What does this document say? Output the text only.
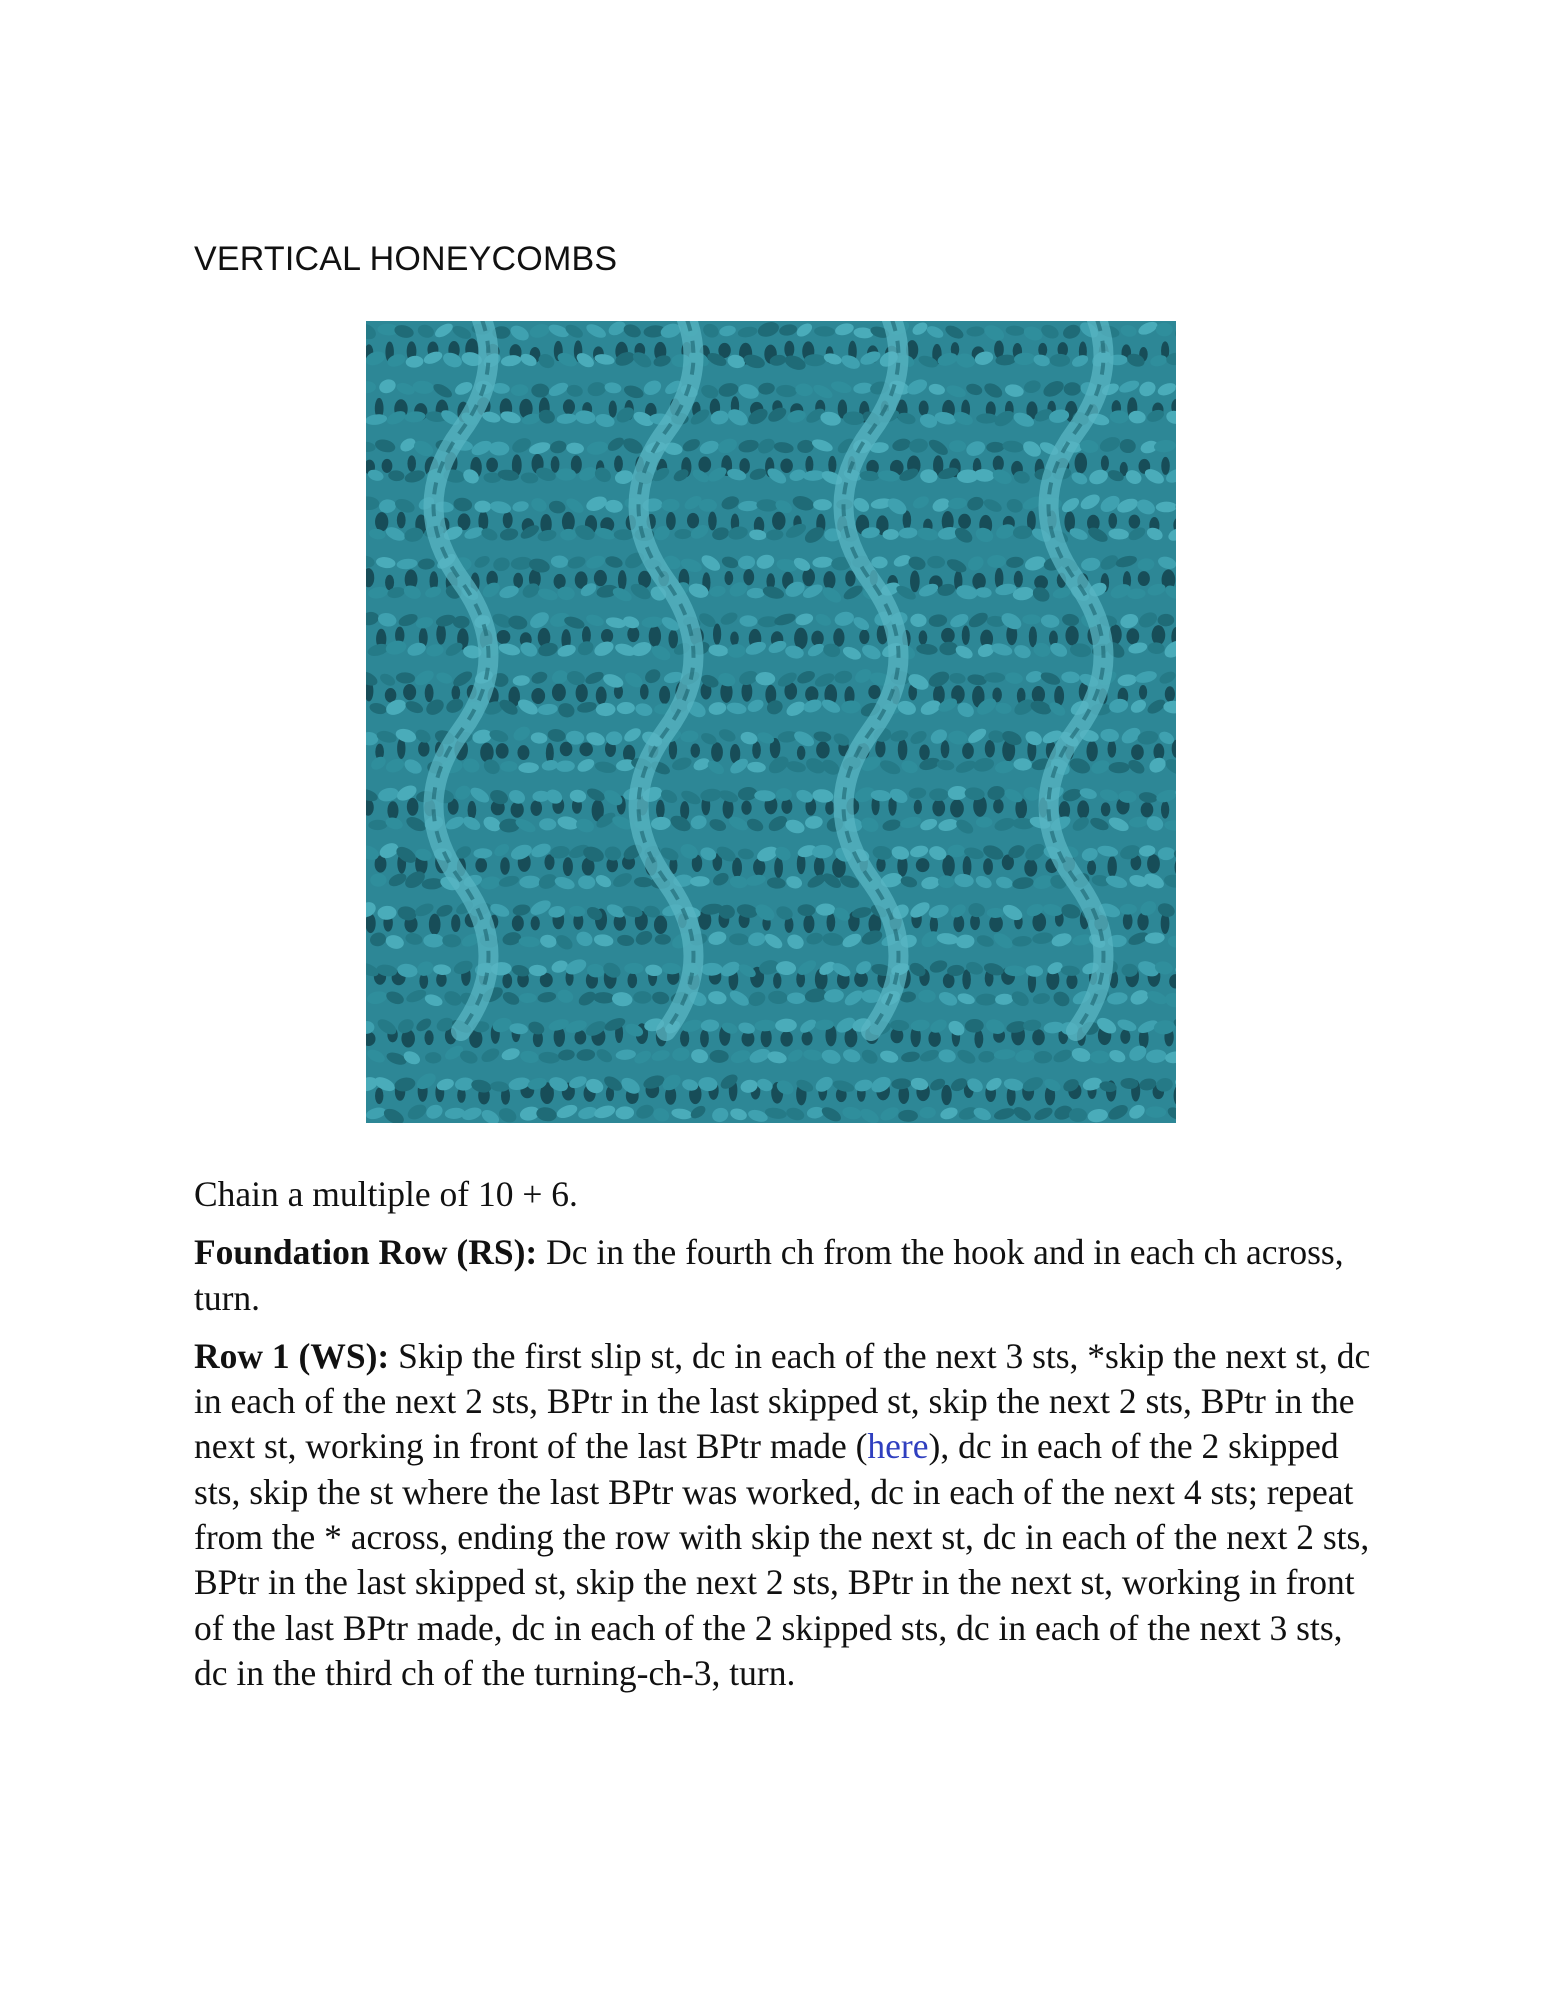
VERTICAL HONEYCOMBS

Chain a multiple of 10 + 6.

Foundation Row (RS): Dc in the fourth ch from the hook and in each ch across, turn.

Row 1 (WS): Skip the first slip st, dc in each of the next 3 sts, *skip the next st, dc in each of the next 2 sts, BPtr in the last skipped st, skip the next 2 sts, BPtr in the next st, working in front of the last BPtr made (here), dc in each of the 2 skipped sts, skip the st where the last BPtr was worked, dc in each of the next 4 sts; repeat from the * across, ending the row with skip the next st, dc in each of the next 2 sts, BPtr in the last skipped st, skip the next 2 sts, BPtr in the next st, working in front of the last BPtr made, dc in each of the 2 skipped sts, dc in each of the next 3 sts, dc in the third ch of the turning-ch-3, turn.
